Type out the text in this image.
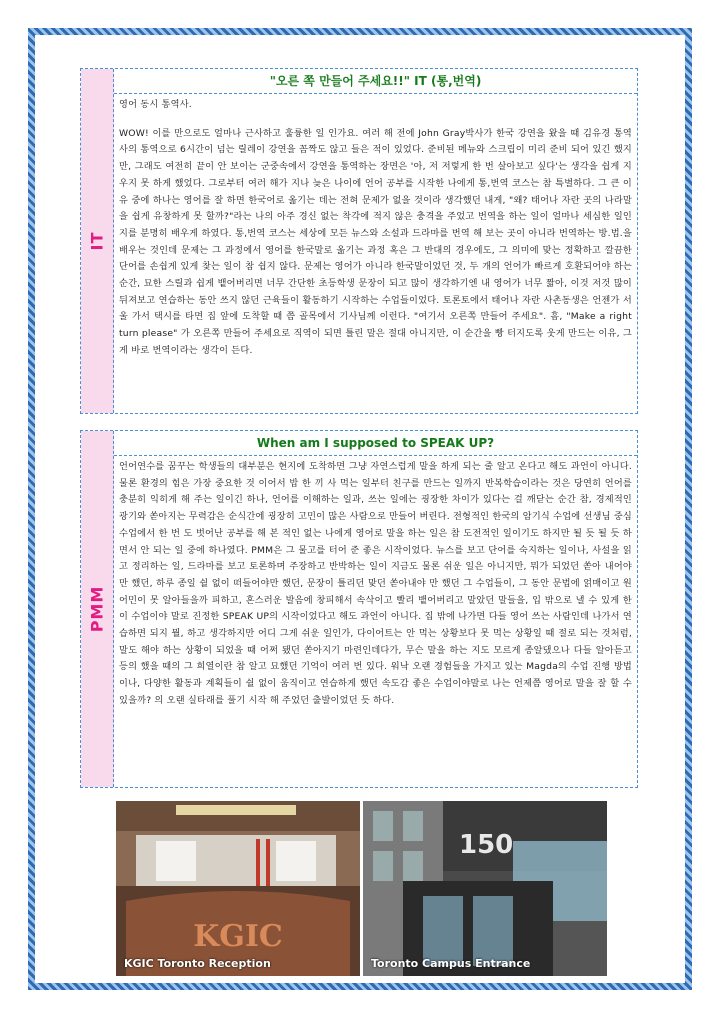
IT
"오른 쪽 만들어 주세요!!" IT (통,번역)

영어 동시 통역사.

WOW! 이를 만으로도 얼마나 근사하고 훌륭한 일 인가요. 여러 해 전에 John Gray박사가 한국 강연을 왔을 때 김유경 통역사의 통역으로 6시간이 넘는 릴레이 강연을 꼼짝도 않고 들은 적이 있었다. 준비된 메뉴와 스크립이 미리 준비 되어 있긴 했지만, 그래도 여전히 끝이 안 보이는 군중속에서 강연을 통역하는 장면은 '아, 저 저렇게 한 번 살아보고 싶다'는 생각을 쉽게 지우지 못 하게 했었다. 그로부터 여러 해가 지나 늦은 나이에 언어 공부를 시작한 나에게 통,번역 코스는 참 특별하다. 그 큰 이유 중에 하나는 영어를 잘 하면 한국어로 옮기는 데는 전혀 문제가 없을 것이라 생각했던 내게, "왜? 태어나 자란 곳의 나라말을 쉽게 유창하게 못 할까?"라는 나의 아주 경신 없는 착각에 적지 않은 충격을 주었고 번역을 하는 일이 얼마나 세심한 일인지를 분명히 배우게 하였다. 통,번역 코스는 세상에 모든 뉴스와 소설과 드라마를 번역 해 보는 곳이 아니라 번역하는 방.법.을 배우는 것인데 문제는 그 과정에서 영어를 한국말로 옮기는 과정 혹은 그 반대의 경우에도, 그 의미에 맞는 정확하고 깔끔한 단어를 손쉽게 있게 찾는 일이 참 쉽지 않다. 문제는 영어가 아니라 한국말이었던 것, 두 개의 언어가 빠르게 호환되어야 하는 순간, 묘한 스릴과 쉽게 뱉어버리면 너무 간단한 초등학생 문장이 되고 많이 생각하기엔 내 영어가 너무 짧아, 이것 저것 많이 뒤져보고 연습하는 동안 쓰지 않던 근육들이 활동하기 시작하는 수업들이었다. 토론토에서 태어나 자란 사촌동생은 언젠가 서울 가서 택시를 타면 집 앞에 도착할 때 쯤 골목에서 기사님께 이런다. "여기서 오른쪽 만들어 주세요". 흠, "Make a right turn please" 가 오른쪽 만들어 주세요로 직역이 되면 틀린 말은 절대 아니지만, 이 순간을 빵 터지도록 웃게 만드는 이유, 그게 바로 번역이라는 생각이 든다.

PMM
When am I supposed to SPEAK UP?

언어연수를 꿈꾸는 학생들의 대부분은 현지에 도착하면 그냥 자연스럽게 말을 하게 되는 줄 알고 온다고 해도 과언이 아니다. 물론 환경의 힘은 가장 중요한 것 이어서 밥 한 끼 사 먹는 일부터 친구를 만드는 일까지 반복학습이라는 것은 당연히 언어를 충분히 익히게 해 주는 일이긴 하나, 언어를 이해하는 일과, 쓰는 일에는 굉장한 차이가 있다는 걸 깨닫는 순간 참, 경제적인 광기와 쏟아지는 무력감은 순식간에 굉장히 고민이 많은 사람으로 만들어 버린다. 전형적인 한국의 암기식 수업에 선생님 중심 수업에서 한 번 도 벗어난 공부를 해 본 적인 없는 나에게 영어로 말을 하는 일은 참 도전적인 일이기도 하지만 될 듯 될 듯 하면서 안 되는 일 중에 하나였다. PMM은 그 물고를 터어 준 좋은 시작이었다. 뉴스를 보고 단어를 숙지하는 일이나, 사설을 읽고 정리하는 일, 드라마를 보고 토론하며 주장하고 반박하는 일이 지금도 물론 쉬운 일은 아니지만, 뭐가 되었던 쏟아 내어야만 했던, 하루 종일 쉴 없이 떠들어야만 했던, 문장이 틀리던 맞던 쏟아내야 만 했던 그 수업들이, 그 동안 문법에 얽매이고 원어민이 못 알아들을까 피하고, 혼스러운 발음에 창피해서 속삭이고 빨리 뱉어버리고 말았던 말들을, 입 밖으로 낼 수 있게 한 이 수업이야 말로 진정한 SPEAK UP의 시작이었다고 해도 과언이 아니다. 집 밖에 나가면 다들 영어 쓰는 사람인데 나가서 연습하면 되지 뭘, 하고 생각하지만 어디 그게 쉬운 일인가, 다이어트는 안 먹는 상황보다 못 먹는 상황일 때 절로 되는 것처럼, 말도 해야 하는 상황이 되었을 때 어쩌 됐던 쏟아지기 마련인데다가, 무슨 말을 하는 지도 모르게 종알댔으나 다들 알아듣고 등의 했을 때의 그 희열이란 참 알고 묘했던 기억이 여러 번 있다. 워낙 오랜 경험들을 가지고 있는 Magda의 수업 진행 방법이나, 다양한 활동과 계획들이 쉴 없이 움직이고 연습하게 했던 속도감 좋은 수업이야말로 나는 언제쯤 영어로 말을 잘 할 수 있을까? 의 오랜 실타래를 풀기 시작 해 주었던 출발이었던 듯 하다.

KGIC
KGIC Toronto Reception
150
Toronto Campus Entrance
